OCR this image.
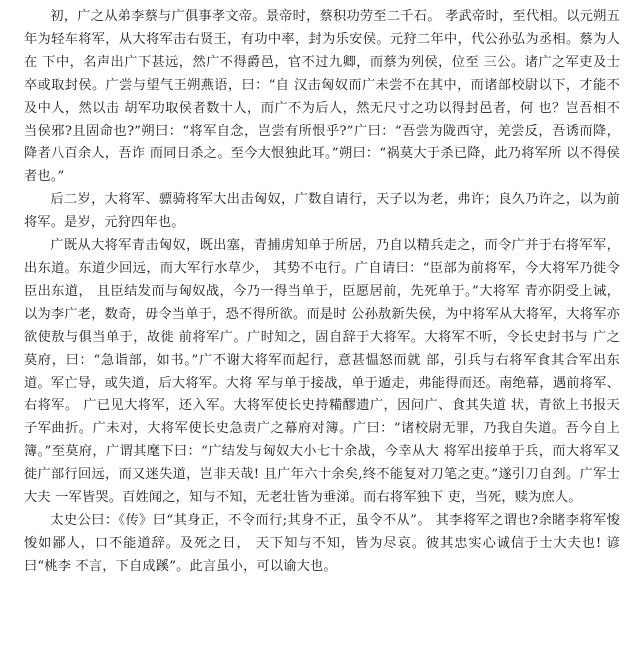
初，广之从弟李蔡与广俱事孝文帝。景帝时，蔡积功劳至二千石。 孝武帝时，至代相。以元朔五年为轻车将军，从大将军击右贤王，有功中率，封为乐安侯。元狩二年中，代公孙弘为丞相。蔡为人在 下中，名声出广下甚远，然广不得爵邑，官不过九卿，而蔡为列侯，位至 三公。诸广之军吏及士卒或取封侯。广尝与望气王朔燕语，曰：“自 汉击匈奴而广未尝不在其中，而诸部校尉以下，才能不及中人，然以击 胡军功取侯者数十人，而广不为后人，然无尺寸之功以得封邑者，何 也？岂吾相不当侯邪?且固命也?”朔曰：“将军自念，岂尝有所恨乎?”广曰：“吾尝为陇西守，羌尝反，吾诱而降，降者八百余人，吾诈 而同日杀之。至今大恨独此耳。”朔曰：“祸莫大于杀已降，此乃将军所 以不得侯者也。”

后二岁，大将军、骠骑将军大出击匈奴，广数自请行，天子以为老，弗许；良久乃许之，以为前将军。是岁，元狩四年也。

广既从大将军青击匈奴，既出塞，青捕虏知单于所居，乃自以精兵走之，而令广并于右将军军，出东道。东道少回远，而大军行水草少， 其势不屯行。广自请曰：“臣部为前将军，今大将军乃徙令臣出东道， 且臣结发而与匈奴战，今乃一得当单于，臣愿居前，先死单于。”大将军 青亦阴受上诫，以为李广老，数奇，毋令当单于，恐不得所欲。而是时 公孙敖新失侯，为中将军从大将军，大将军亦欲使敖与俱当单于，故徙 前将军广。广时知之，固自辞于大将军。大将军不听，令长史封书与 广之莫府，曰：“急诣部，如书。”广不谢大将军而起行，意甚愠怒而就 部，引兵与右将军食其合军出东道。军亡导，或失道，后大将军。大将 军与单于接战，单于遁走，弗能得而还。南绝幕，遇前将军、右将军。 广已见大将军，还入军。大将军使长史持糒醪遗广，因问广、食其失道 状，青欲上书报天子军曲折。广未对，大将军使长史急责广之幕府对簿。广曰：“诸校尉无罪，乃我自失道。吾今自上簿。”至莫府，广谓其麾下曰：“广结发与匈奴大小七十余战，今幸从大 将军出接单于兵，而大将军又徙广部行回远，而又迷失道，岂非天哉! 且广年六十余矣,终不能复对刀笔之吏。”遂引刀自刭。广军士大夫 一军皆哭。百姓闻之，知与不知，无老壮皆为垂涕。而右将军独下 吏，当死，赎为庶人。

太史公曰：《传》曰“其身正，不令而行;其身不正，虽令不从”。 其李将军之谓也?余睹李将军悛悛如鄙人，口不能道辞。及死之日， 天下知与不知，皆为尽哀。彼其忠实心诚信于士大夫也! 谚曰“桃李 不言，下自成蹊”。此言虽小，可以谕大也。
